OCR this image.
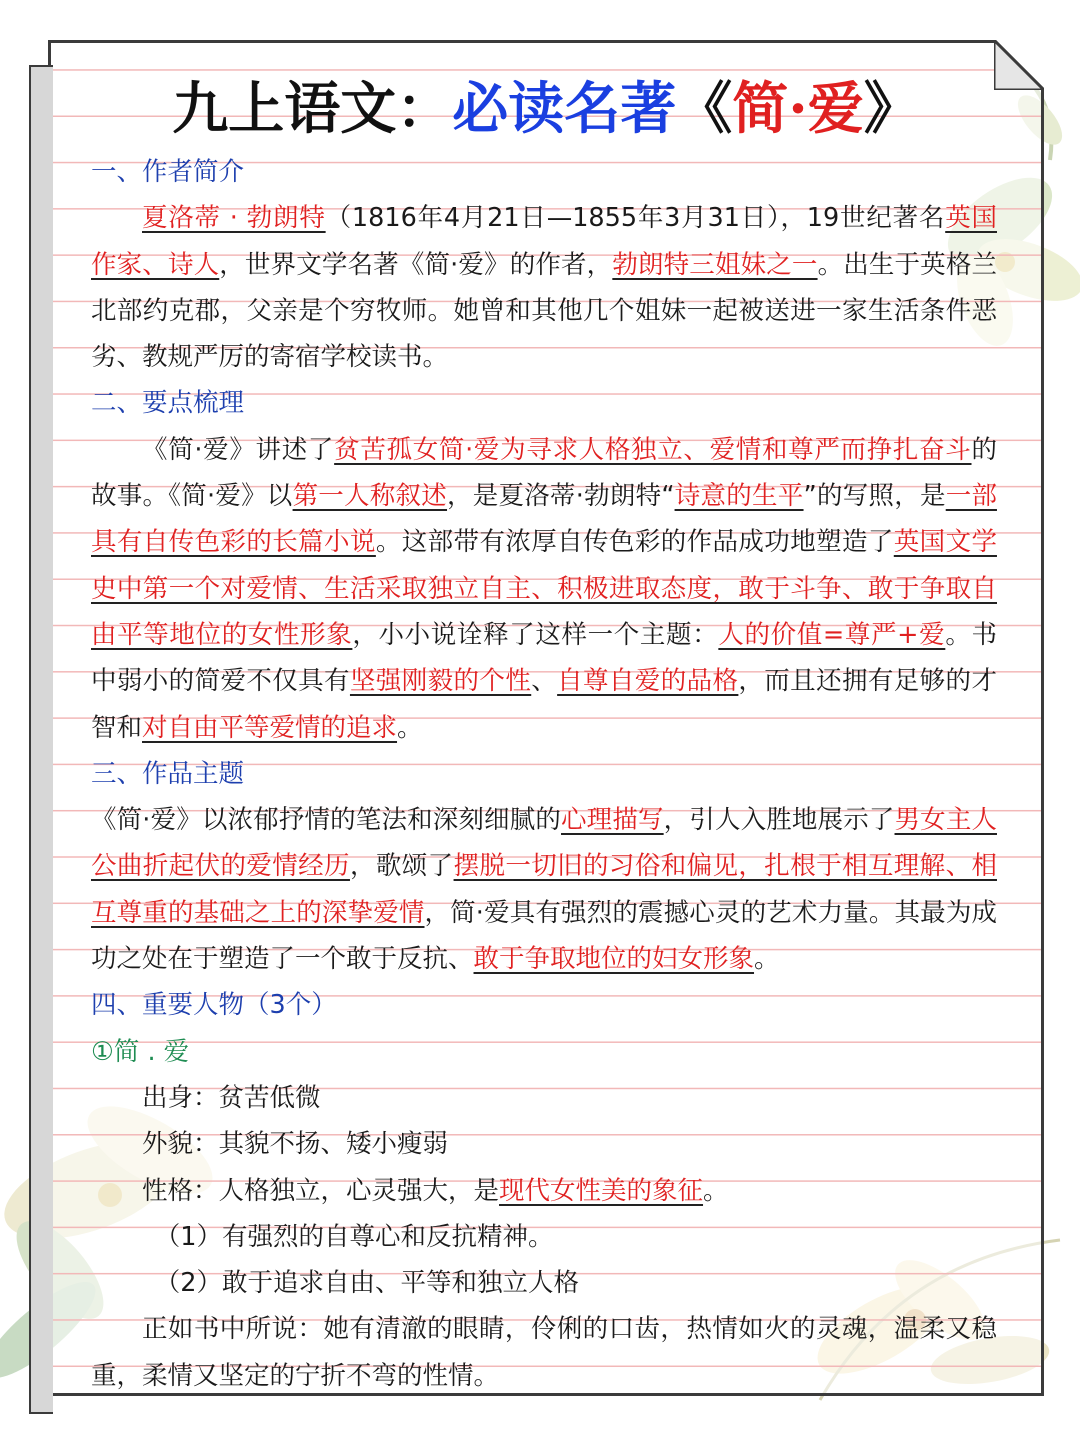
九上语文：必读名著《简·爱》

一、作者简介

夏洛蒂 · 勃朗特（1816年4月21日—1855年3月31日），19世纪著名英国作家、诗人，世界文学名著《简·爱》的作者，勃朗特三姐妹之一。出生于英格兰北部约克郡，父亲是个穷牧师。她曾和其他几个姐妹一起被送进一家生活条件恶劣、教规严厉的寄宿学校读书。

二、要点梳理

《简·爱》讲述了贫苦孤女简·爱为寻求人格独立、爱情和尊严而挣扎奋斗的故事。《简·爱》以第一人称叙述，是夏洛蒂·勃朗特“诗意的生平”的写照，是一部具有自传色彩的长篇小说。这部带有浓厚自传色彩的作品成功地塑造了英国文学史中第一个对爱情、生活采取独立自主、积极进取态度，敢于斗争、敢于争取自由平等地位的女性形象，小小说诠释了这样一个主题：人的价值=尊严+爱。书中弱小的简爱不仅具有坚强刚毅的个性、自尊自爱的品格，而且还拥有足够的才智和对自由平等爱情的追求。

三、作品主题

《简·爱》以浓郁抒情的笔法和深刻细腻的心理描写，引人入胜地展示了男女主人公曲折起伏的爱情经历，歌颂了摆脱一切旧的习俗和偏见，扎根于相互理解、相互尊重的基础之上的深挚爱情，简·爱具有强烈的震撼心灵的艺术力量。其最为成功之处在于塑造了一个敢于反抗、敢于争取地位的妇女形象。

四、重要人物（3个）

①简 . 爱

出身：贫苦低微

外貌：其貌不扬、矮小瘦弱

性格：人格独立，心灵强大，是现代女性美的象征。

（1）有强烈的自尊心和反抗精神。

（2）敢于追求自由、平等和独立人格

正如书中所说：她有清澈的眼睛，伶俐的口齿，热情如火的灵魂，温柔又稳重，柔情又坚定的宁折不弯的性情。
